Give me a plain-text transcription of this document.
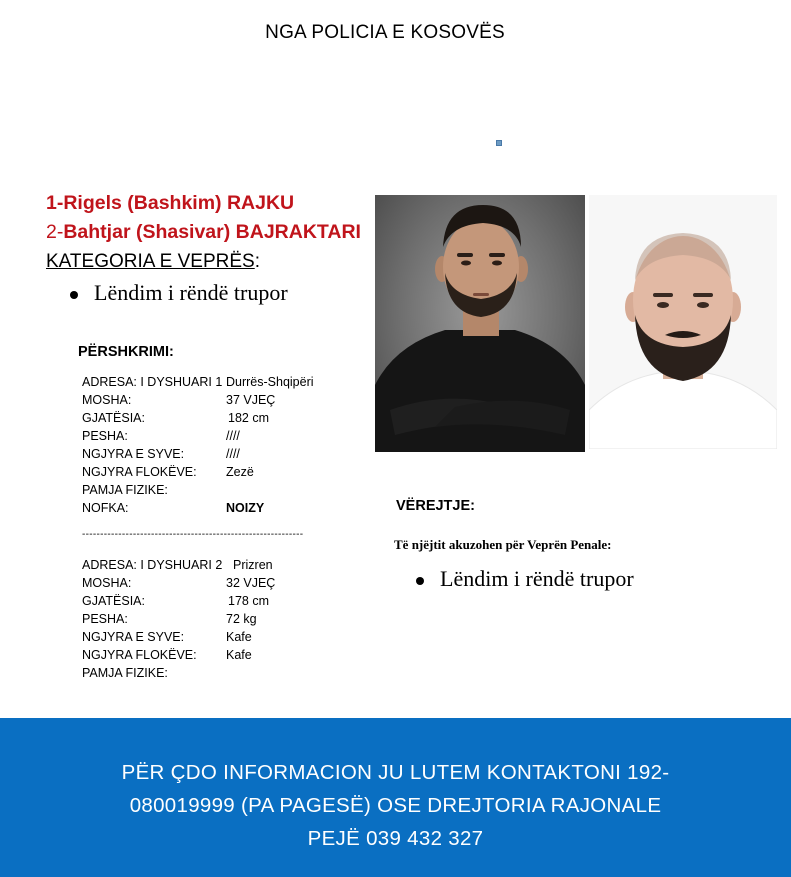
NGA POLICIA E KOSOVËS
1-Rigels (Bashkim) RAJKU
2-Bahtjar (Shasivar) BAJRAKTARI
KATEGORIA E VEPRËS:
Lëndim i rëndë trupor
PËRSHKRIMI:
ADRESA: I DYSHUARI 1 Durrës-Shqipëri
MOSHA:	37 VJEÇ
GJATËSIA:	182 cm
PESHA:	////
NGJYRA E SYVE:	////
NGJYRA FLOKËVE: Zezë
PAMJA FIZIKE:
NOFKA:	NOIZY
-------------------------------------------------------------
ADRESA: I DYSHUARI 2 Prizren
MOSHA:	32 VJEÇ
GJATËSIA:	178 cm
PESHA:	72 kg
NGJYRA E SYVE:	Kafe
NGJYRA FLOKËVE: Kafe
PAMJA FIZIKE:
VËREJTJE:
Të njëjtit akuzohen për Veprën Penale:
Lëndim i rëndë trupor
PËR ÇDO INFORMACION JU LUTEM KONTAKTONI 192-
080019999 (PA PAGESË) OSE DREJTORIA RAJONALE
PEJË 039 432 327
